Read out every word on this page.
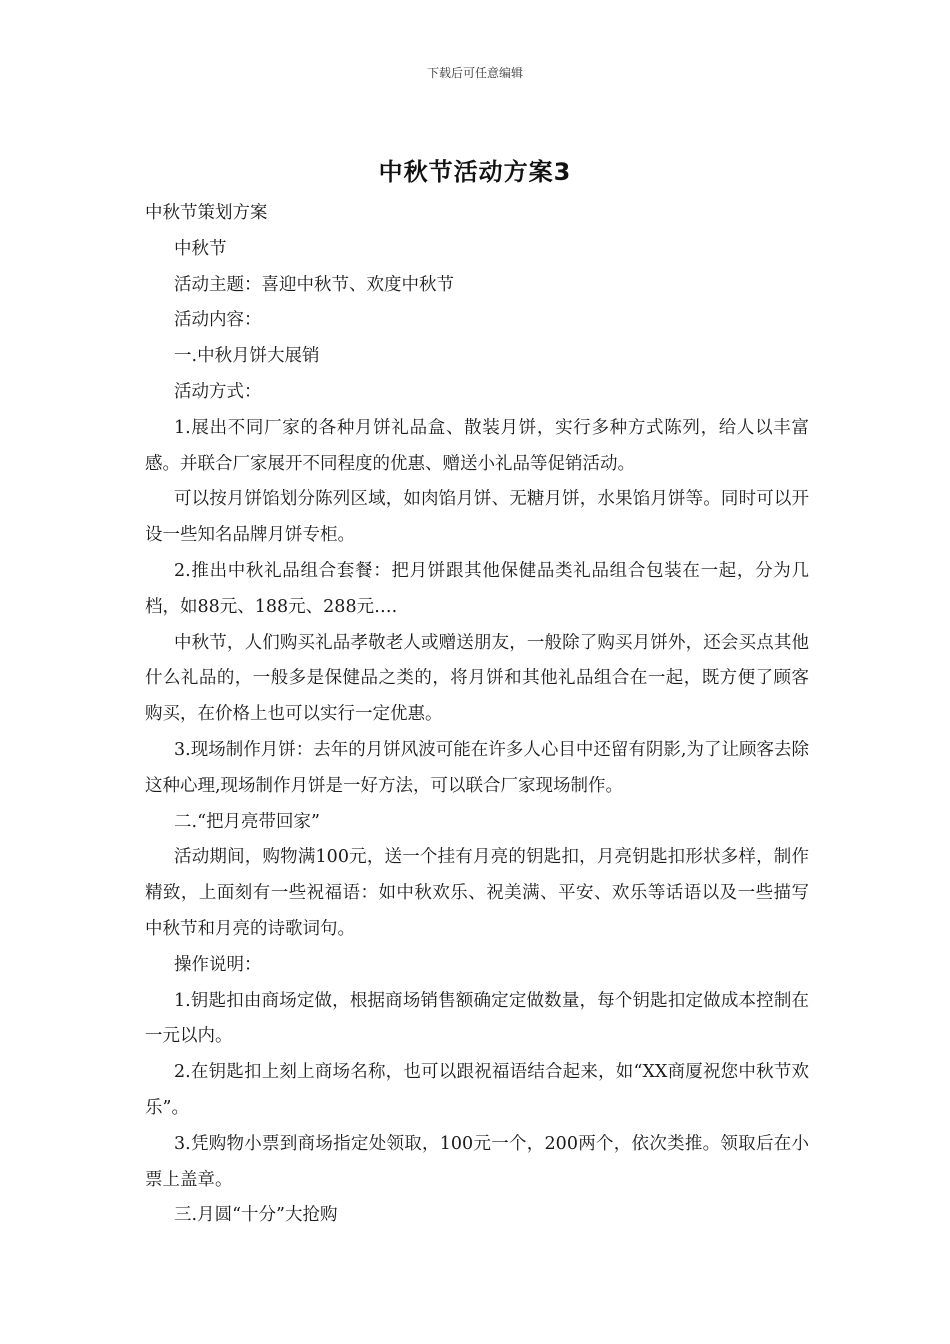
下载后可任意编辑
中秋节活动方案3

中秋节策划方案

中秋节

活动主题：喜迎中秋节、欢度中秋节

活动内容：

一.中秋月饼大展销

活动方式：

1.展出不同厂家的各种月饼礼品盒、散装月饼，实行多种方式陈列，给人以丰富感。并联合厂家展开不同程度的优惠、赠送小礼品等促销活动。

可以按月饼馅划分陈列区域，如肉馅月饼、无糖月饼，水果馅月饼等。同时可以开设一些知名品牌月饼专柜。

2.推出中秋礼品组合套餐：把月饼跟其他保健品类礼品组合包装在一起，分为几档，如88元、188元、288元….

中秋节，人们购买礼品孝敬老人或赠送朋友，一般除了购买月饼外，还会买点其他什么礼品的，一般多是保健品之类的，将月饼和其他礼品组合在一起，既方便了顾客购买，在价格上也可以实行一定优惠。

3.现场制作月饼：去年的月饼风波可能在许多人心目中还留有阴影,为了让顾客去除这种心理,现场制作月饼是一好方法，可以联合厂家现场制作。

二.“把月亮带回家”

活动期间，购物满100元，送一个挂有月亮的钥匙扣，月亮钥匙扣形状多样，制作精致，上面刻有一些祝福语：如中秋欢乐、祝美满、平安、欢乐等话语以及一些描写中秋节和月亮的诗歌词句。

操作说明：

1.钥匙扣由商场定做，根据商场销售额确定定做数量，每个钥匙扣定做成本控制在一元以内。

2.在钥匙扣上刻上商场名称，也可以跟祝福语结合起来，如“XX商厦祝您中秋节欢乐”。

3.凭购物小票到商场指定处领取，100元一个，200两个，依次类推。领取后在小票上盖章。

三.月圆“十分”大抢购
